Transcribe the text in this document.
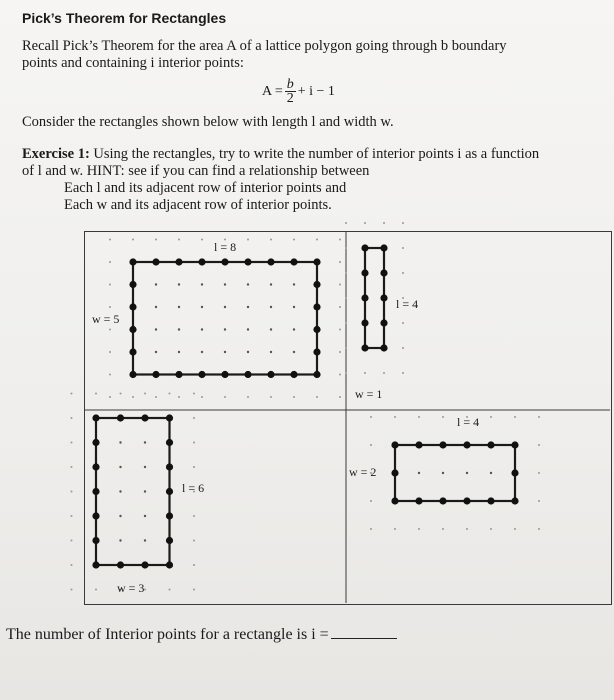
Pick’s Theorem for Rectangles
Recall Pick’s Theorem for the area A of a lattice polygon going through b boundary
points and containing i interior points:
$A = \frac{b}{2} + i - 1$
Consider the rectangles shown below with length l and width w.
Exercise 1: Using the rectangles, try to write the number of interior points i as a function
of l and w. HINT: see if you can find a relationship between
Each l and its adjacent row of interior points and
Each w and its adjacent row of interior points.
l = 8
w = 5
l = 4
w = 1
l = 6
w = 3
l = 4
w = 2
The number of Interior points for a rectangle is i =
